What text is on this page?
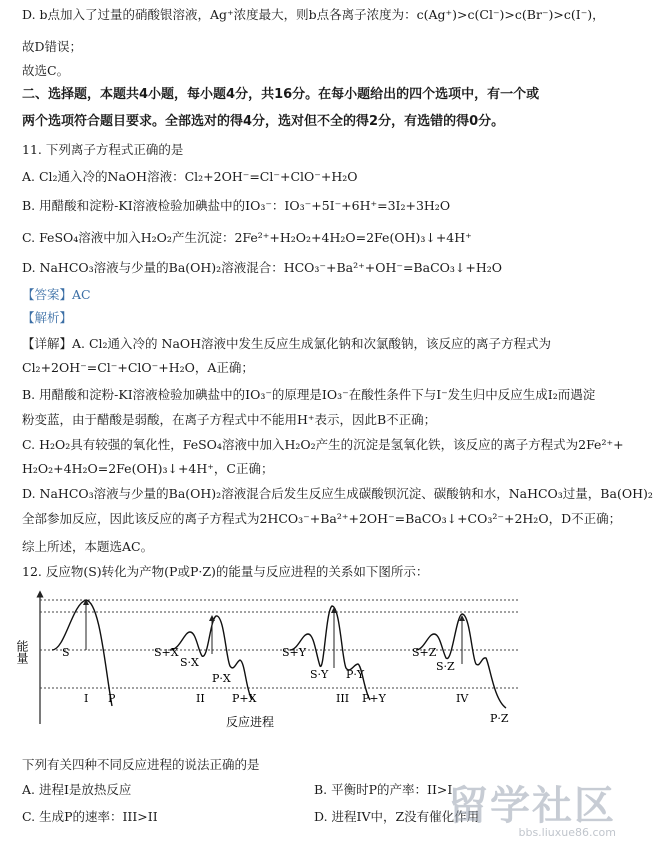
D. b点加入了过量的硝酸银溶液，Ag⁺浓度最大，则b点各离子浓度为：c(Ag⁺)>c(Cl⁻)>c(Br⁻)>c(I⁻)，
故D错误；
故选C。
二、选择题，本题共4小题，每小题4分，共16分。在每小题给出的四个选项中，有一个或
两个选项符合题目要求。全部选对的得4分，选对但不全的得2分，有选错的得0分。
11. 下列离子方程式正确的是
A. Cl₂通入冷的NaOH溶液：Cl₂+2OH⁻=Cl⁻+ClO⁻+H₂O
B. 用醋酸和淀粉-KI溶液检验加碘盐中的IO₃⁻：IO₃⁻+5I⁻+6H⁺=3I₂+3H₂O
C. FeSO₄溶液中加入H₂O₂产生沉淀：2Fe²⁺+H₂O₂+4H₂O=2Fe(OH)₃↓+4H⁺
D. NaHCO₃溶液与少量的Ba(OH)₂溶液混合：HCO₃⁻+Ba²⁺+OH⁻=BaCO₃↓+H₂O
【答案】AC
【解析】
【详解】A. Cl₂通入冷的 NaOH溶液中发生反应生成氯化钠和次氯酸钠，该反应的离子方程式为
Cl₂+2OH⁻=Cl⁻+ClO⁻+H₂O，A正确；
B. 用醋酸和淀粉-KI溶液检验加碘盐中的IO₃⁻的原理是IO₃⁻在酸性条件下与I⁻发生归中反应生成I₂而遇淀
粉变蓝，由于醋酸是弱酸，在离子方程式中不能用H⁺表示，因此B不正确；
C. H₂O₂具有较强的氧化性，FeSO₄溶液中加入H₂O₂产生的沉淀是氢氧化铁，该反应的离子方程式为2Fe²⁺+
H₂O₂+4H₂O=2Fe(OH)₃↓+4H⁺，C正确；
D. NaHCO₃溶液与少量的Ba(OH)₂溶液混合后发生反应生成碳酸钡沉淀、碳酸钠和水，NaHCO₃过量，Ba(OH)₂
全部参加反应，因此该反应的离子方程式为2HCO₃⁻+Ba²⁺+2OH⁻=BaCO₃↓+CO₃²⁻+2H₂O，D不正确；
综上所述，本题选AC。
12. 反应物(S)转化为产物(P或P·Z)的能量与反应进程的关系如下图所示：
能量	S
I P
S+X
S·X
P·X
II P+X
S+Y
S·Y P·Y
III P+Y
S+Z
S·Z
IV
P·Z
反应进程
下列有关四种不同反应进程的说法正确的是
A. 进程I是放热反应	B. 平衡时P的产率：II>I
C. 生成P的速率：III>II	D. 进程IV中，Z没有催化作用
留学社区
bbs.liuxue86.com
